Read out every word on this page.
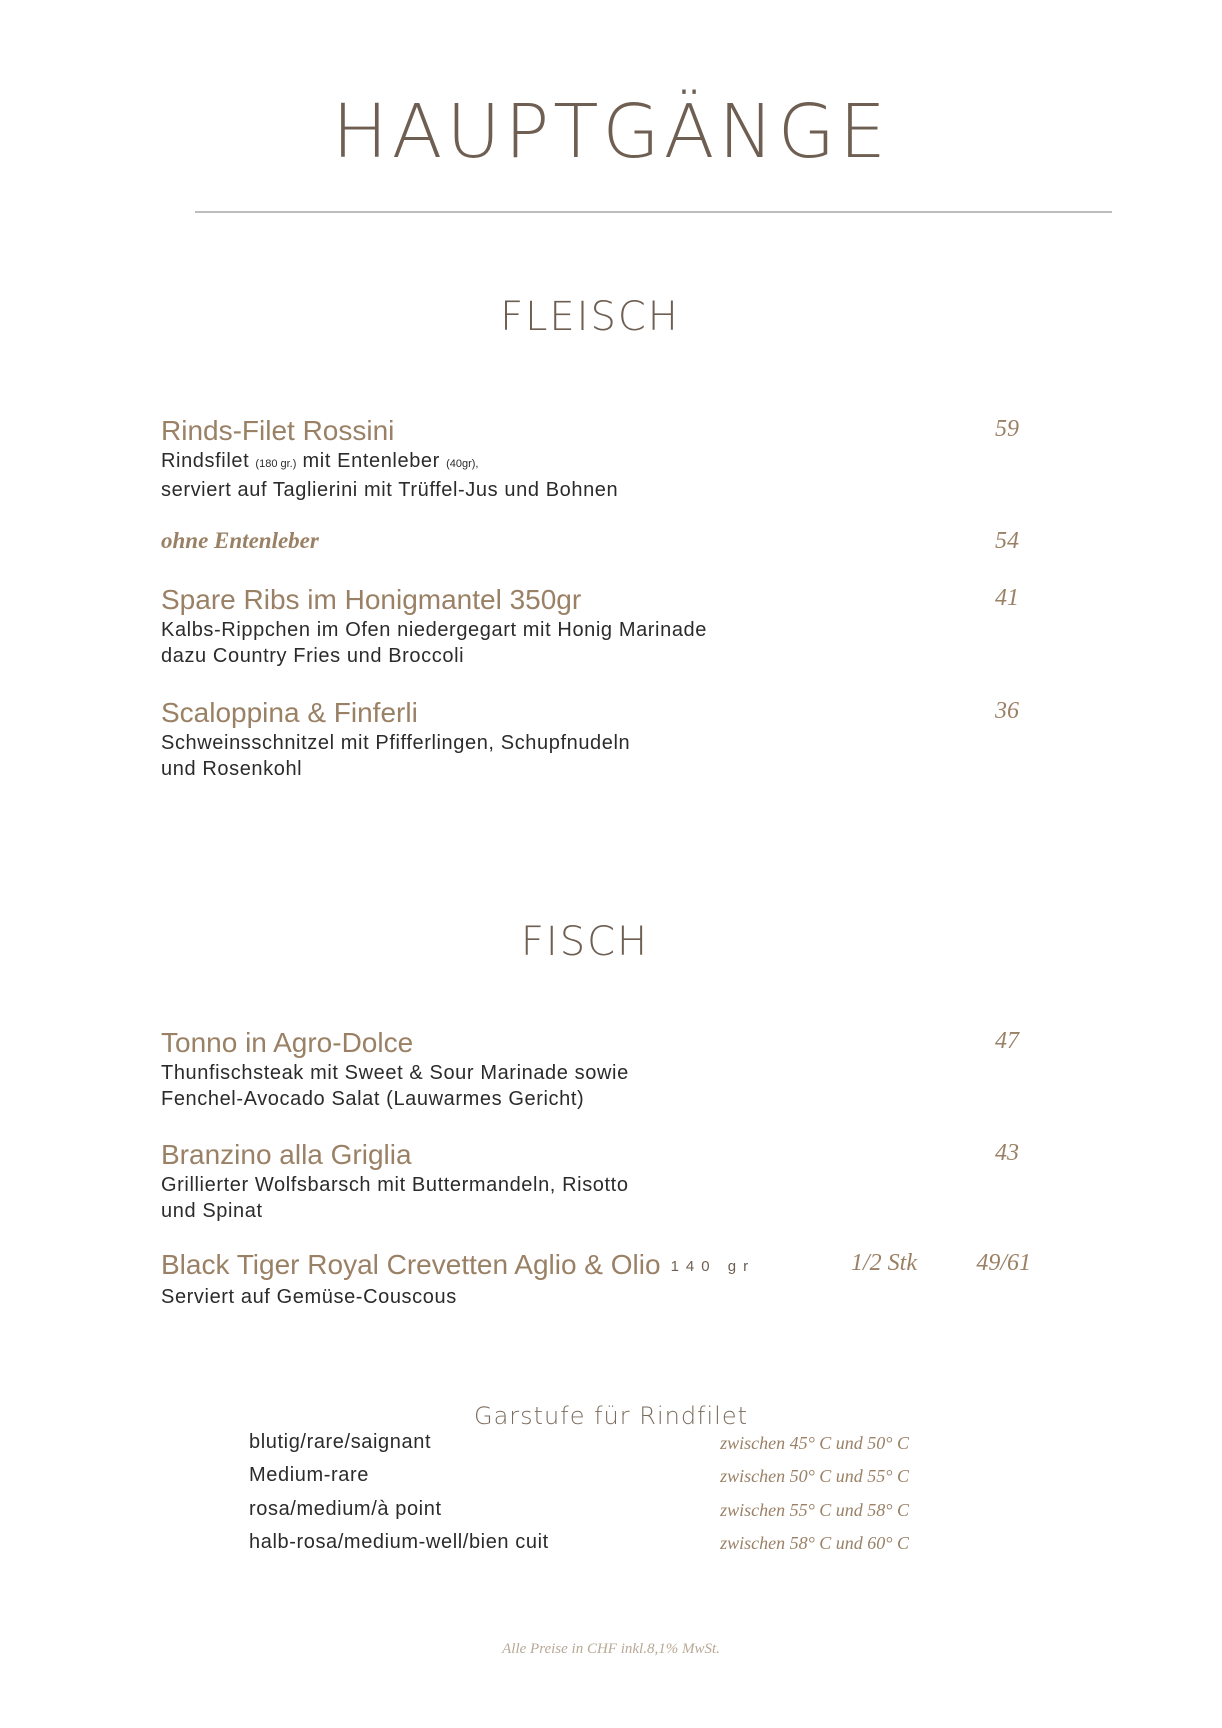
HAUPTGÄNGE
FLEISCH
Rinds-Filet Rossini
Rindsfilet (180 gr.) mit Entenleber (40gr),
serviert auf Taglierini mit Trüffel-Jus und Bohnen
59
ohne Entenleber	54
Spare Ribs im Honigmantel 350gr
Kalbs-Rippchen im Ofen niedergegart mit Honig Marinade
dazu Country Fries und Broccoli
41
Scaloppina & Finferli
Schweinsschnitzel mit Pfifferlingen, Schupfnudeln
und Rosenkohl
36
FISCH
Tonno in Agro-Dolce
Thunfischsteak mit Sweet & Sour Marinade sowie
Fenchel-Avocado Salat (Lauwarmes Gericht)
47
Branzino alla Griglia
Grillierter Wolfsbarsch mit Buttermandeln, Risotto
und Spinat
43
Black Tiger Royal Crevetten Aglio & Olio 140 gr
Serviert auf Gemüse-Couscous
1/2 Stk 49/61
Garstufe für Rindfilet
blutig/rare/saignant	zwischen 45° C und 50° C
Medium-rare	zwischen 50° C und 55° C
rosa/medium/à point	zwischen 55° C und 58° C
halb-rosa/medium-well/bien cuit	zwischen 58° C und 60° C
Alle Preise in CHF inkl.8,1% MwSt.
